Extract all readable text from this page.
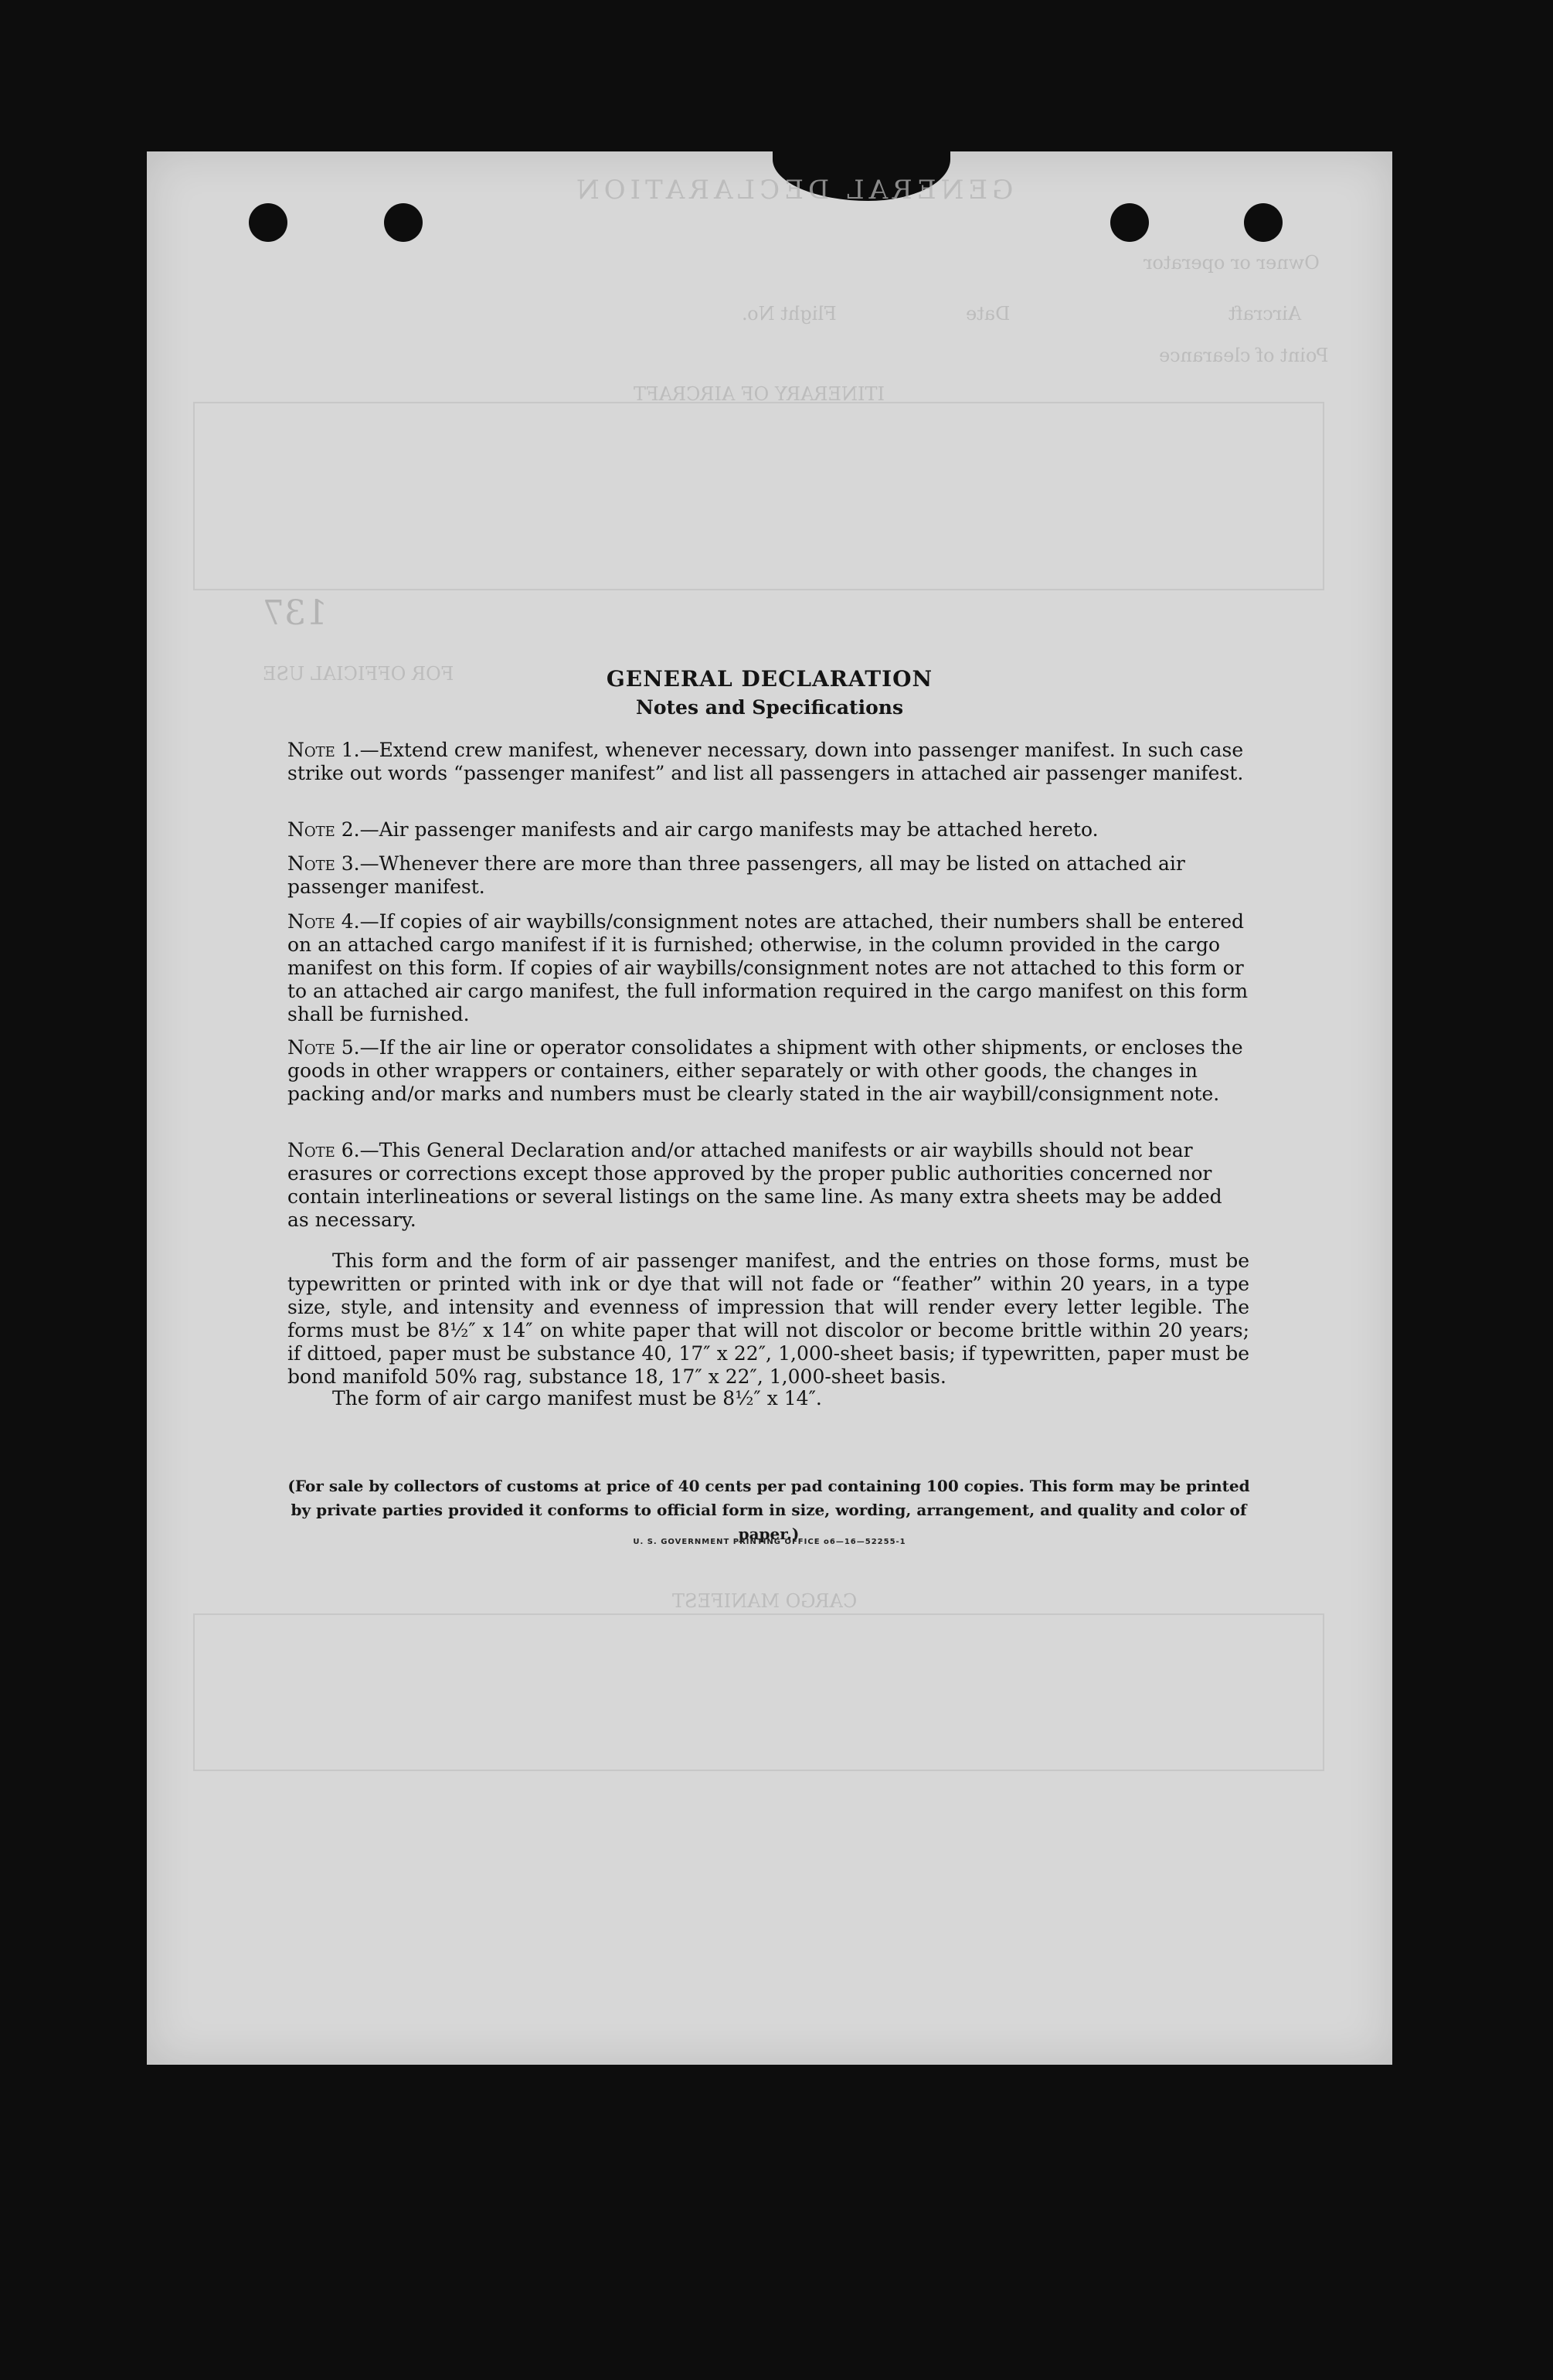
GENERAL DECLARATION
Owner or operator
Aircraft
Flight No.	Date
Point of clearance
ITINERARY OF AIRCRAFT
FOR OFFICIAL USE
CARGO MANIFEST
137
GENERAL DECLARATION
Notes and Specifications
Note 1.—Extend crew manifest, whenever necessary, down into passenger manifest. In such case strike out words “passenger manifest” and list all passengers in attached air passenger manifest.
Note 2.—Air passenger manifests and air cargo manifests may be attached hereto.
Note 3.—Whenever there are more than three passengers, all may be listed on attached air passenger manifest.
Note 4.—If copies of air waybills/consignment notes are attached, their numbers shall be entered on an attached cargo manifest if it is furnished; otherwise, in the column provided in the cargo manifest on this form. If copies of air waybills/consignment notes are not attached to this form or to an attached air cargo manifest, the full information required in the cargo manifest on this form shall be furnished.
Note 5.—If the air line or operator consolidates a shipment with other shipments, or encloses the goods in other wrappers or containers, either separately or with other goods, the changes in packing and/or marks and numbers must be clearly stated in the air waybill/consignment note.
Note 6.—This General Declaration and/or attached manifests or air waybills should not bear erasures or corrections except those approved by the proper public authorities concerned nor contain interlineations or several listings on the same line. As many extra sheets may be added as necessary.
This form and the form of air passenger manifest, and the entries on those forms, must be typewritten or printed with ink or dye that will not fade or “feather” within 20 years, in a type size, style, and intensity and evenness of impression that will render every letter legible. The forms must be 8½″ x 14″ on white paper that will not discolor or become brittle within 20 years; if dittoed, paper must be substance 40, 17″ x 22″, 1,000-sheet basis; if typewritten, paper must be bond manifold 50% rag, substance 18, 17″ x 22″, 1,000-sheet basis.
The form of air cargo manifest must be 8½″ x 14″.
(For sale by collectors of customs at price of 40 cents per pad containing 100 copies. This form may be printed by private parties provided it conforms to official form in size, wording, arrangement, and quality and color of paper.)
U. S. GOVERNMENT PRINTING OFFICE o6—16—52255-1
